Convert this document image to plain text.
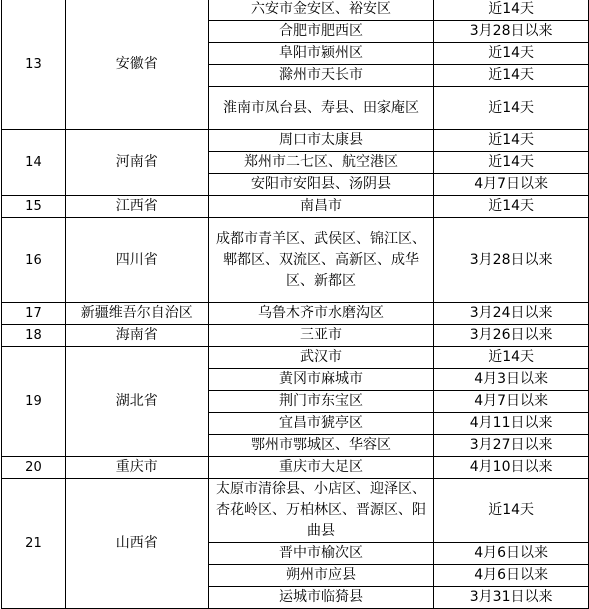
13	安徽省	六安市金安区、裕安区	近14天
		合肥市肥西区	3月28日以来
		阜阳市颍州区	近14天
		滁州市天长市	近14天
		淮南市凤台县、寿县、田家庵区	近14天
14	河南省	周口市太康县	近14天
		郑州市二七区、航空港区	近14天
		安阳市安阳县、汤阴县	4月7日以来
15	江西省	南昌市	近14天
16	四川省	成都市青羊区、武侯区、锦江区、郫都区、双流区、高新区、成华区、新都区	3月28日以来
17	新疆维吾尔自治区	乌鲁木齐市水磨沟区	3月24日以来
18	海南省	三亚市	3月26日以来
19	湖北省	武汉市	近14天
		黄冈市麻城市	4月3日以来
		荆门市东宝区	4月7日以来
		宜昌市猇亭区	4月11日以来
		鄂州市鄂城区、华容区	3月27日以来
20	重庆市	重庆市大足区	4月10日以来
21	山西省	太原市清徐县、小店区、迎泽区、杏花岭区、万柏林区、晋源区、阳曲县	近14天
		晋中市榆次区	4月6日以来
		朔州市应县	4月6日以来
		运城市临猗县	3月31日以来
